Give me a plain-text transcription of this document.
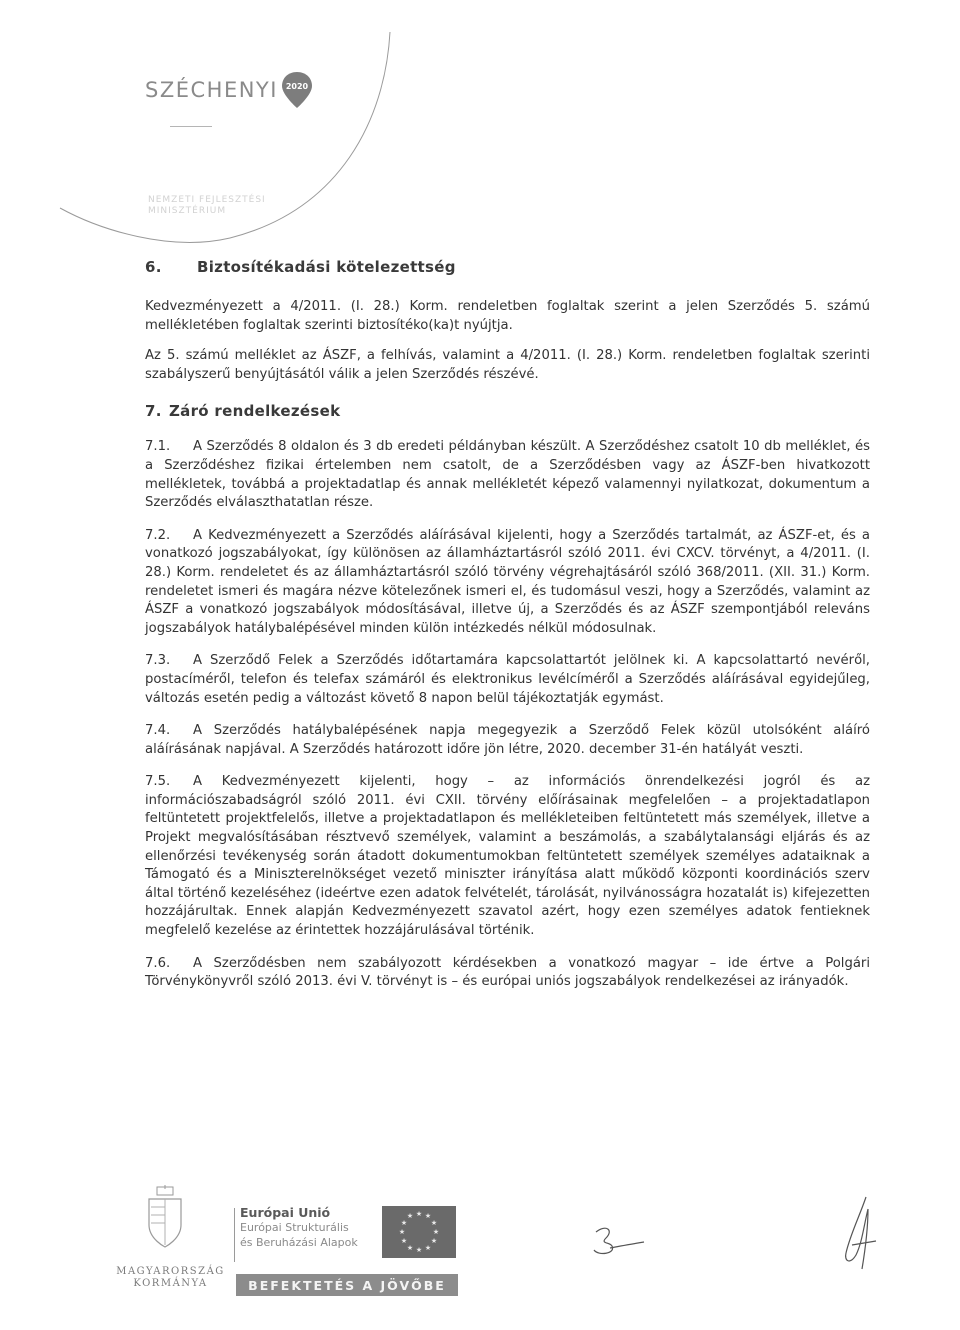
SZÉCHENYI 2020
NEMZETI FEJLESZTÉSI
MINISZTÉRIUM
6. Biztosítékadási kötelezettség

Kedvezményezett a 4/2011. (I. 28.) Korm. rendeletben foglaltak szerint a jelen Szerződés 5. számú mellékletében foglaltak szerinti biztosítéko(ka)t nyújtja.

Az 5. számú melléklet az ÁSZF, a felhívás, valamint a 4/2011. (I. 28.) Korm. rendeletben foglaltak szerinti szabályszerű benyújtásától válik a jelen Szerződés részévé.

7. Záró rendelkezések

7.1. A Szerződés 8 oldalon és 3 db eredeti példányban készült. A Szerződéshez csatolt 10 db melléklet, és a Szerződéshez fizikai értelemben nem csatolt, de a Szerződésben vagy az ÁSZF-ben hivatkozott mellékletek, továbbá a projektadatlap és annak mellékletét képező valamennyi nyilatkozat, dokumentum a Szerződés elválaszthatatlan része.

7.2. A Kedvezményezett a Szerződés aláírásával kijelenti, hogy a Szerződés tartalmát, az ÁSZF-et, és a vonatkozó jogszabályokat, így különösen az államháztartásról szóló 2011. évi CXCV. törvényt, a 4/2011. (I. 28.) Korm. rendeletet és az államháztartásról szóló törvény végrehajtásáról szóló 368/2011. (XII. 31.) Korm. rendeletet ismeri és magára nézve kötelezőnek ismeri el, és tudomásul veszi, hogy a Szerződés, valamint az ÁSZF a vonatkozó jogszabályok módosításával, illetve új, a Szerződés és az ÁSZF szempontjából releváns jogszabályok hatálybalépésével minden külön intézkedés nélkül módosulnak.

7.3. A Szerződő Felek a Szerződés időtartamára kapcsolattartót jelölnek ki. A kapcsolattartó nevéről, postacíméről, telefon és telefax számáról és elektronikus levélcíméről a Szerződés aláírásával egyidejűleg, változás esetén pedig a változást követő 8 napon belül tájékoztatják egymást.

7.4. A Szerződés hatálybalépésének napja megegyezik a Szerződő Felek közül utolsóként aláíró aláírásának napjával. A Szerződés határozott időre jön létre, 2020. december 31-én hatályát veszti.

7.5. A Kedvezményezett kijelenti, hogy – az információs önrendelkezési jogról és az információszabadságról szóló 2011. évi CXII. törvény előírásainak megfelelően – a projektadatlapon feltüntetett projektfelelős, illetve a projektadatlapon és mellékleteiben feltüntetett más személyek, illetve a Projekt megvalósításában résztvevő személyek, valamint a beszámolás, a szabálytalansági eljárás és az ellenőrzési tevékenység során átadott dokumentumokban feltüntetett személyek személyes adataiknak a Támogató és a Miniszterelnökséget vezető miniszter irányítása alatt működő központi koordinációs szerv által történő kezeléséhez (ideértve ezen adatok felvételét, tárolását, nyilvánosságra hozatalát is) kifejezetten hozzájárultak. Ennek alapján Kedvezményezett szavatol azért, hogy ezen személyes adatok fentieknek megfelelő kezelése az érintettek hozzájárulásával történik.

7.6. A Szerződésben nem szabályozott kérdésekben a vonatkozó magyar – ide értve a Polgári Törvénykönyvről szóló 2013. évi V. törvényt is – és európai uniós jogszabályok rendelkezései az irányadók.

MAGYARORSZÁG
KORMÁNYA
Európai Unió
Európai Strukturális
és Beruházási Alapok
★ ★
★
★
★
★
★
★
★
★
★
★
BEFEKTETÉS A JÖVŐBE
